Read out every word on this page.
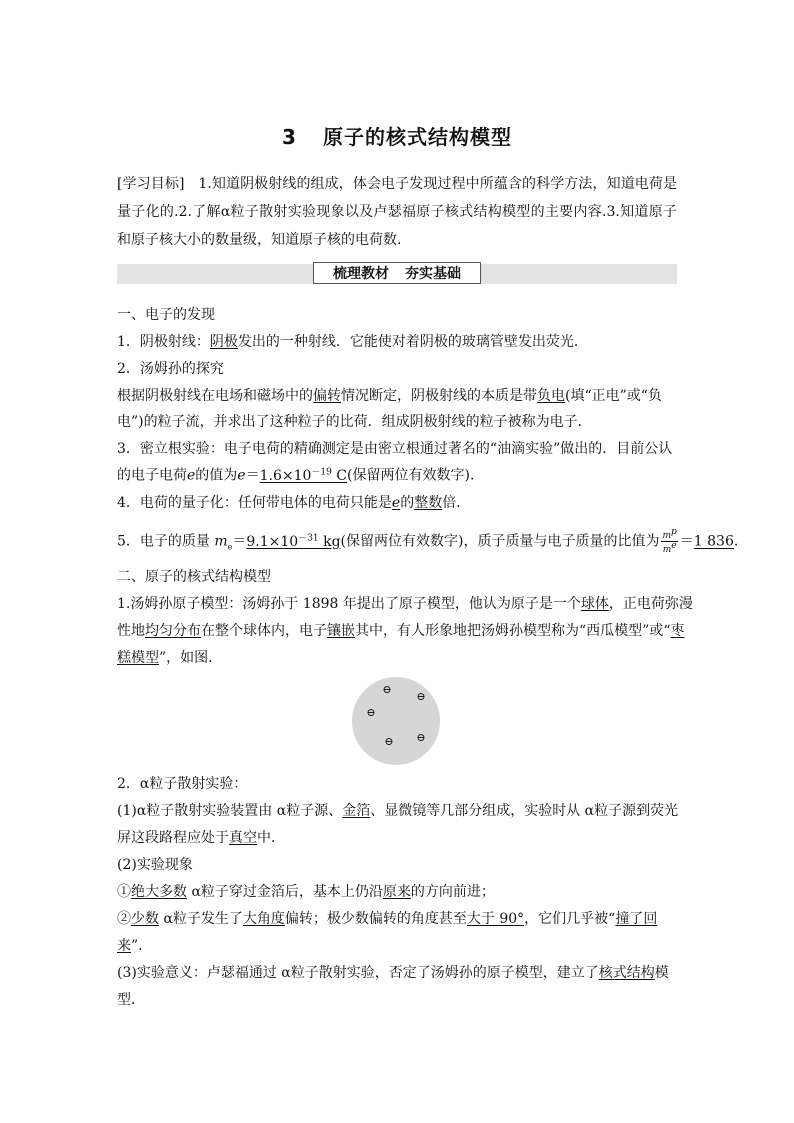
3 原子的核式结构模型
[学习目标] 1.知道阴极射线的组成，体会电子发现过程中所蕴含的科学方法，知道电荷是量子化的.2.了解α粒子散射实验现象以及卢瑟福原子核式结构模型的主要内容.3.知道原子和原子核大小的数量级，知道原子核的电荷数.
梳理教材 夯实基础
一、电子的发现
1．阴极射线：阴极发出的一种射线．它能使对着阴极的玻璃管壁发出荧光．
2．汤姆孙的探究
根据阴极射线在电场和磁场中的偏转情况断定，阴极射线的本质是带负电(填“正电”或“负
电”)的粒子流，并求出了这种粒子的比荷．组成阴极射线的粒子被称为电子．
3．密立根实验：电子电荷的精确测定是由密立根通过著名的“油滴实验”做出的．目前公认
的电子电荷e的值为$e=1.6\times 10^{-19}$ C(保留两位有效数字)．
4．电荷的量子化：任何带电体的电荷只能是e的整数倍．
5．电子的质量 $m_e=9.1\times 10^{-31}$ kg(保留两位有效数字)，质子质量与电子质量的比值为 $\frac{m^p}{m^e} =1$ 836.
二、原子的核式结构模型
1.汤姆孙原子模型：汤姆孙于 1898 年提出了原子模型，他认为原子是一个球体，正电荷弥漫
性地均匀分布在整个球体内，电子镶嵌其中，有人形象地把汤姆孙模型称为“西瓜模型”或“枣
糕模型”，如图．
⊖
⊖
⊖
⊖ ⊖
2．α粒子散射实验：
(1)α粒子散射实验装置由 α粒子源、金箔、显微镜等几部分组成，实验时从 α粒子源到荧光
屏这段路程应处于真空中．
(2)实验现象
①绝大多数 α粒子穿过金箔后，基本上仍沿原来的方向前进；
②少数 α粒子发生了大角度偏转；极少数偏转的角度甚至大于 90°，它们几乎被“撞了回
来”．
(3)实验意义：卢瑟福通过 α粒子散射实验，否定了汤姆孙的原子模型，建立了核式结构模
型．
